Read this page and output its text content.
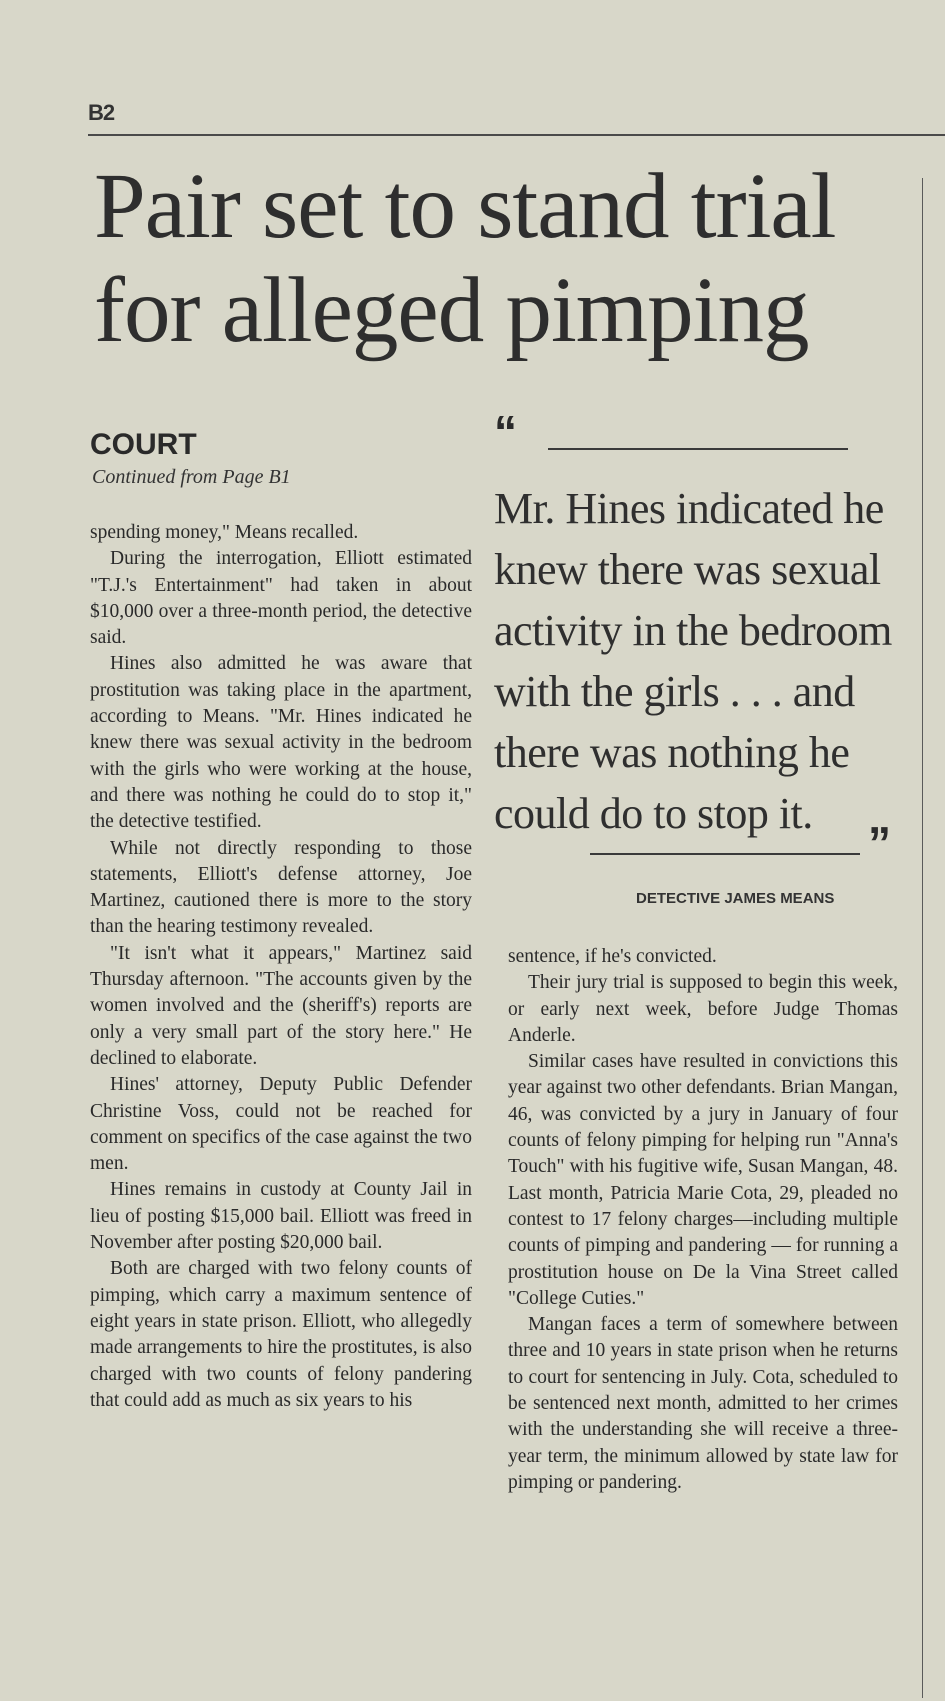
B2
Pair set to stand trial
for alleged pimping
COURT
Continued from Page B1

spending money," Means recalled.

During the interrogation, Elliott estimated "T.J.'s Entertainment" had taken in about $10,000 over a three-month period, the detective said.

Hines also admitted he was aware that prostitution was taking place in the apartment, according to Means. "Mr. Hines indicated he knew there was sexual activity in the bedroom with the girls who were working at the house, and there was nothing he could do to stop it," the detective testified.

While not directly responding to those statements, Elliott's defense attorney, Joe Martinez, cautioned there is more to the story than the hearing testimony revealed.

"It isn't what it appears," Martinez said Thursday afternoon. "The accounts given by the women involved and the (sheriff's) reports are only a very small part of the story here." He declined to elaborate.

Hines' attorney, Deputy Public Defender Christine Voss, could not be reached for comment on specifics of the case against the two men.

Hines remains in custody at County Jail in lieu of posting $15,000 bail. Elliott was freed in November after posting $20,000 bail.

Both are charged with two felony counts of pimping, which carry a maximum sentence of eight years in state prison. Elliott, who allegedly made arrangements to hire the prostitutes, is also charged with two counts of felony pandering that could add as much as six years to his

“
Mr. Hines indicated he
knew there was sexual
activity in the bedroom
with the girls . . . and
there was nothing he
could do to stop it.
”
DETECTIVE JAMES MEANS

sentence, if he's convicted.

Their jury trial is supposed to begin this week, or early next week, before Judge Thomas Anderle.

Similar cases have resulted in convictions this year against two other defendants. Brian Mangan, 46, was convicted by a jury in January of four counts of felony pimping for helping run "Anna's Touch" with his fugitive wife, Susan Mangan, 48. Last month, Patricia Marie Cota, 29, pleaded no contest to 17 felony charges—including multiple counts of pimping and pandering — for running a prostitution house on De la Vina Street called "College Cuties."

Mangan faces a term of somewhere between three and 10 years in state prison when he returns to court for sentencing in July. Cota, scheduled to be sentenced next month, admitted to her crimes with the understanding she will receive a three-year term, the minimum allowed by state law for pimping or pandering.
